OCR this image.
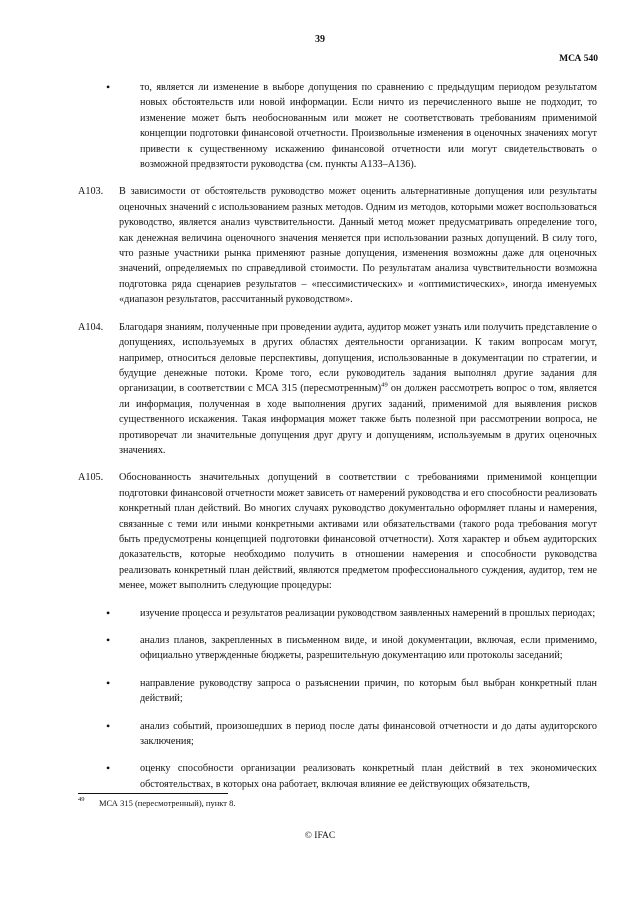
39
МСА 540
•	то, является ли изменение в выборе допущения по сравнению с предыдущим периодом результатом новых обстоятельств или новой информации. Если ничто из перечисленного выше не подходит, то изменение может быть необоснованным или может не соответствовать требованиям применимой концепции подготовки финансовой отчетности. Произвольные изменения в оценочных значениях могут привести к существенному искажению финансовой отчетности или могут свидетельствовать о возможной предвзятости руководства (см. пункты A133–A136).
A103. В зависимости от обстоятельств руководство может оценить альтернативные допущения или результаты оценочных значений с использованием разных методов. Одним из методов, которыми может воспользоваться руководство, является анализ чувствительности. Данный метод может предусматривать определение того, как денежная величина оценочного значения меняется при использовании разных допущений. В силу того, что разные участники рынка применяют разные допущения, изменения возможны даже для оценочных значений, определяемых по справедливой стоимости. По результатам анализа чувствительности возможна подготовка ряда сценариев результатов – «пессимистических» и «оптимистических», иногда именуемых «диапазон результатов, рассчитанный руководством».
A104. Благодаря знаниям, полученные при проведении аудита, аудитор может узнать или получить представление о допущениях, используемых в других областях деятельности организации. К таким вопросам могут, например, относиться деловые перспективы, допущения, использованные в документации по стратегии, и будущие денежные потоки. Кроме того, если руководитель задания выполнял другие задания для организации, в соответствии с МСА 315 (пересмотренным)$^{49}$ он должен рассмотреть вопрос о том, является ли информация, полученная в ходе выполнения других заданий, применимой для выявления рисков существенного искажения. Такая информация может также быть полезной при рассмотрении вопроса, не противоречат ли значительные допущения друг другу и допущениям, используемым в других оценочных значениях.
A105. Обоснованность значительных допущений в соответствии с требованиями применимой концепции подготовки финансовой отчетности может зависеть от намерений руководства и его способности реализовать конкретный план действий. Во многих случаях руководство документально оформляет планы и намерения, связанные с теми или иными конкретными активами или обязательствами (такого рода требования могут быть предусмотрены концепцией подготовки финансовой отчетности). Хотя характер и объем аудиторских доказательств, которые необходимо получить в отношении намерения и способности руководства реализовать конкретный план действий, являются предметом профессионального суждения, аудитор, тем не менее, может выполнить следующие процедуры:
•	изучение процесса и результатов реализации руководством заявленных намерений в прошлых периодах;
•	анализ планов, закрепленных в письменном виде, и иной документации, включая, если применимо, официально утвержденные бюджеты, разрешительную документацию или протоколы заседаний;
•	направление руководству запроса о разъяснении причин, по которым был выбран конкретный план действий;
•	анализ событий, произошедших в период после даты финансовой отчетности и до даты аудиторского заключения;
•	оценку способности организации реализовать конкретный план действий в тех экономических обстоятельствах, в которых она работает, включая влияние ее действующих обязательств,
49 МСА 315 (пересмотренный), пункт 8.
© IFAC
